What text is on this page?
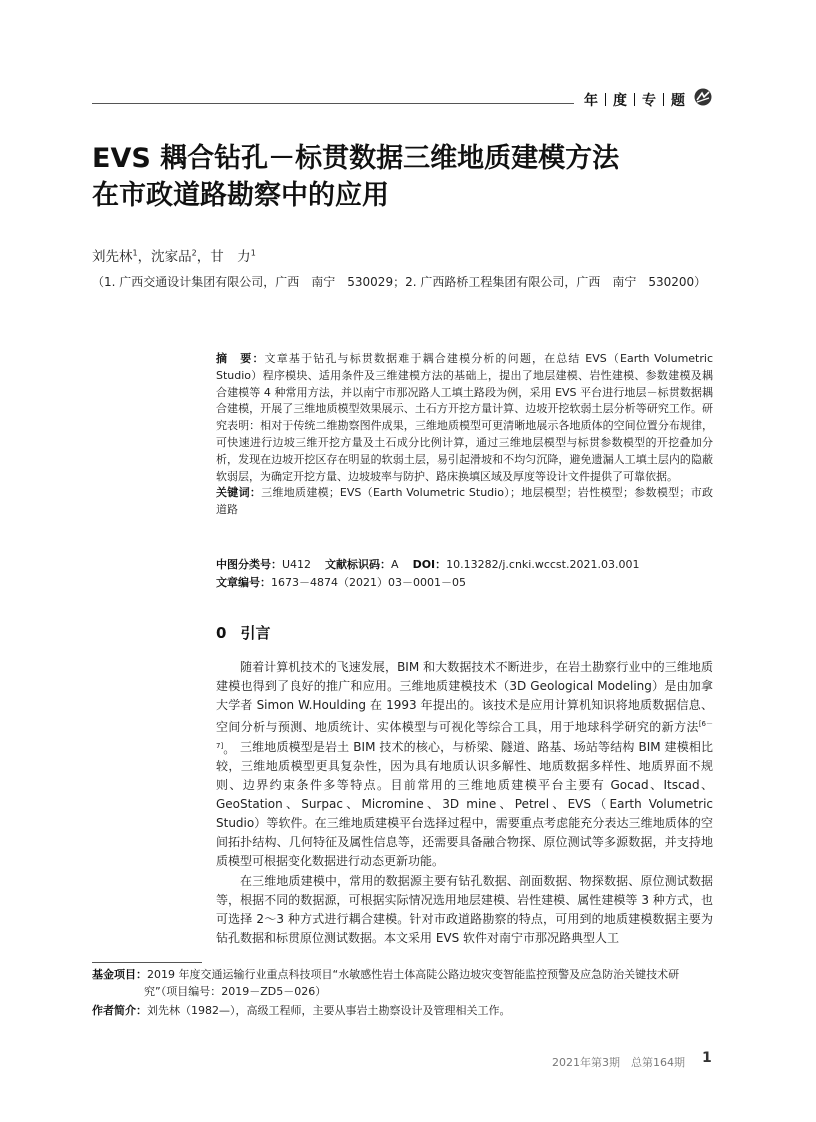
年 度 专 题
EVS 耦合钻孔－标贯数据三维地质建模方法
在市政道路勘察中的应用
刘先林$^1$，沈家品$^2$，甘　力$^1$
（1. 广西交通设计集团有限公司，广西　南宁　530029；2. 广西路桥工程集团有限公司，广西　南宁　530200）
摘　要：文章基于钻孔与标贯数据难于耦合建模分析的问题，在总结 EVS（Earth Volumetric Studio）程序模块、适用条件及三维建模方法的基础上，提出了地层建模、岩性建模、参数建模及耦合建模等 4 种常用方法，并以南宁市那况路人工填土路段为例，采用 EVS 平台进行地层－标贯数据耦合建模，开展了三维地质模型效果展示、土石方开挖方量计算、边坡开挖软弱土层分析等研究工作。研究表明：相对于传统二维勘察图件成果，三维地质模型可更清晰地展示各地质体的空间位置分布规律，可快速进行边坡三维开挖方量及土石成分比例计算，通过三维地层模型与标贯参数模型的开挖叠加分析，发现在边坡开挖区存在明显的软弱土层，易引起滑坡和不均匀沉降，避免遗漏人工填土层内的隐蔽软弱层，为确定开挖方量、边坡坡率与防护、路床换填区域及厚度等设计文件提供了可靠依据。
关键词：三维地质建模；EVS（Earth Volumetric Studio）；地层模型；岩性模型；参数模型；市政道路
中图分类号：U412 文献标识码：A DOI：10.13282/j.cnki.wccst.2021.03.001
文章编号：1673－4874（2021）03－0001－05
0 引言
随着计算机技术的飞速发展，BIM 和大数据技术不断进步，在岩土勘察行业中的三维地质建模也得到了良好的推广和应用。三维地质建模技术（3D Geological Modeling）是由加拿大学者 Simon W.Houlding 在 1993 年提出的。该技术是应用计算机知识将地质数据信息、空间分析与预测、地质统计、实体模型与可视化等综合工具，用于地球科学研究的新方法[6－7]。 三维地质模型是岩土 BIM 技术的核心，与桥梁、隧道、路基、场站等结构 BIM 建模相比较，三维地质模型更具复杂性，因为具有地质认识多解性、地质数据多样性、地质界面不规则、边界约束条件多等特点。目前常用的三维地质建模平台主要有 Gocad、Itscad、GeoStation、Surpac、Micromine、3D mine、Petrel、EVS（Earth Volumetric Studio）等软件。在三维地质建模平台选择过程中，需要重点考虑能充分表达三维地质体的空间拓扑结构、几何特征及属性信息等，还需要具备融合物探、原位测试等多源数据，并支持地质模型可根据变化数据进行动态更新功能。
在三维地质建模中，常用的数据源主要有钻孔数据、剖面数据、物探数据、原位测试数据等，根据不同的数据源，可根据实际情况选用地层建模、岩性建模、属性建模等 3 种方式，也可选择 2～3 种方式进行耦合建模。针对市政道路勘察的特点，可用到的地质建模数据主要为钻孔数据和标贯原位测试数据。本文采用 EVS 软件对南宁市那况路典型人工
基金项目：2019 年度交通运输行业重点科技项目“水敏感性岩土体高陡公路边坡灾变智能监控预警及应急防治关键技术研
究”（项目编号：2019－ZD5－026）
作者简介：刘先林（1982—），高级工程师，主要从事岩土勘察设计及管理相关工作。
2021年第3期　总第164期 1
